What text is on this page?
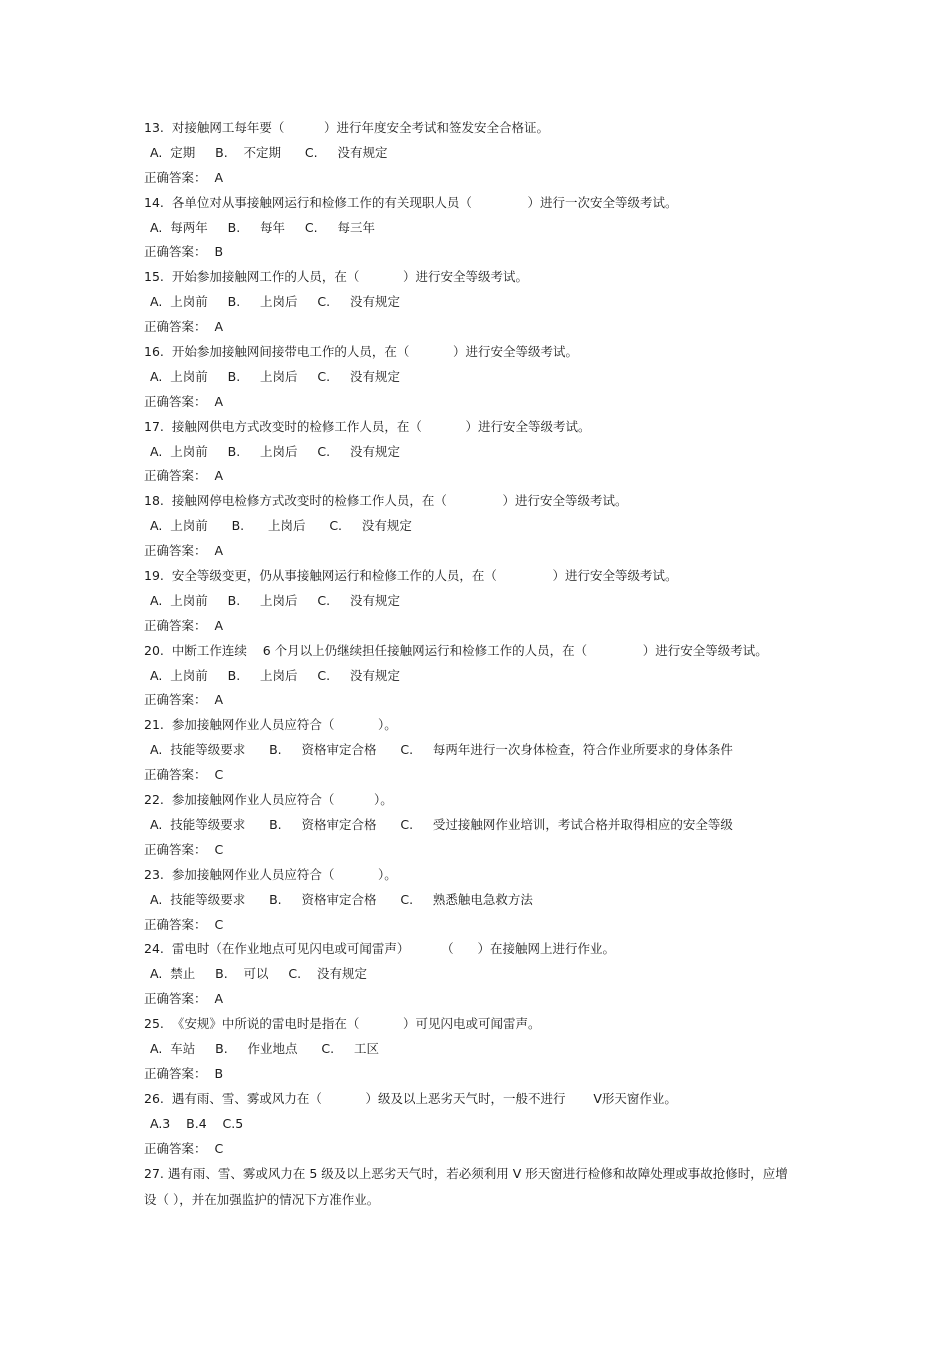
13.  对接触网工每年要（          ）进行年度安全考试和签发安全合格证。
A.  定期     B.    不定期      C.     没有规定
正确答案：  A
14.  各单位对从事接触网运行和检修工作的有关现职人员（              ）进行一次安全等级考试。
A.  每两年     B.     每年     C.     每三年
正确答案：  B
15.  开始参加接触网工作的人员，在（           ）进行安全等级考试。
A.  上岗前     B.     上岗后     C.     没有规定
正确答案：  A
16.  开始参加接触网间接带电工作的人员，在（           ）进行安全等级考试。
A.  上岗前     B.     上岗后     C.     没有规定
正确答案：  A
17.  接触网供电方式改变时的检修工作人员，在（           ）进行安全等级考试。
A.  上岗前     B.     上岗后     C.     没有规定
正确答案：  A
18.  接触网停电检修方式改变时的检修工作人员，在（              ）进行安全等级考试。
A.  上岗前      B.      上岗后      C.     没有规定
正确答案：  A
19.  安全等级变更，仍从事接触网运行和检修工作的人员，在（              ）进行安全等级考试。
A.  上岗前     B.     上岗后     C.     没有规定
正确答案：  A
20.  中断工作连续    6 个月以上仍继续担任接触网运行和检修工作的人员，在（              ）进行安全等级考试。
A.  上岗前     B.     上岗后     C.     没有规定
正确答案：  A
21.  参加接触网作业人员应符合（           ）。
A.  技能等级要求      B.     资格审定合格      C.     每两年进行一次身体检查，符合作业所要求的身体条件
正确答案：  C
22.  参加接触网作业人员应符合（          ）。
A.  技能等级要求      B.     资格审定合格      C.     受过接触网作业培训，考试合格并取得相应的安全等级
正确答案：  C
23.  参加接触网作业人员应符合（           ）。
A.  技能等级要求      B.     资格审定合格      C.     熟悉触电急救方法
正确答案：  C
24.  雷电时（在作业地点可见闪电或可闻雷声）        （      ）在接触网上进行作业。
A.  禁止     B.    可以     C.    没有规定
正确答案：  A
25.  《安规》中所说的雷电时是指在（           ）可见闪电或可闻雷声。
A.  车站     B.     作业地点      C.     工区
正确答案：  B
26.  遇有雨、雪、雾或风力在（           ）级及以上恶劣天气时，一般不进行       V形天窗作业。
A.3    B.4    C.5
正确答案：  C
27. 遇有雨、雪、雾或风力在 5 级及以上恶劣天气时，若必须利用 V 形天窗进行检修和故障处理或事故抢修时，应增设（ ），并在加强监护的情况下方准作业。
